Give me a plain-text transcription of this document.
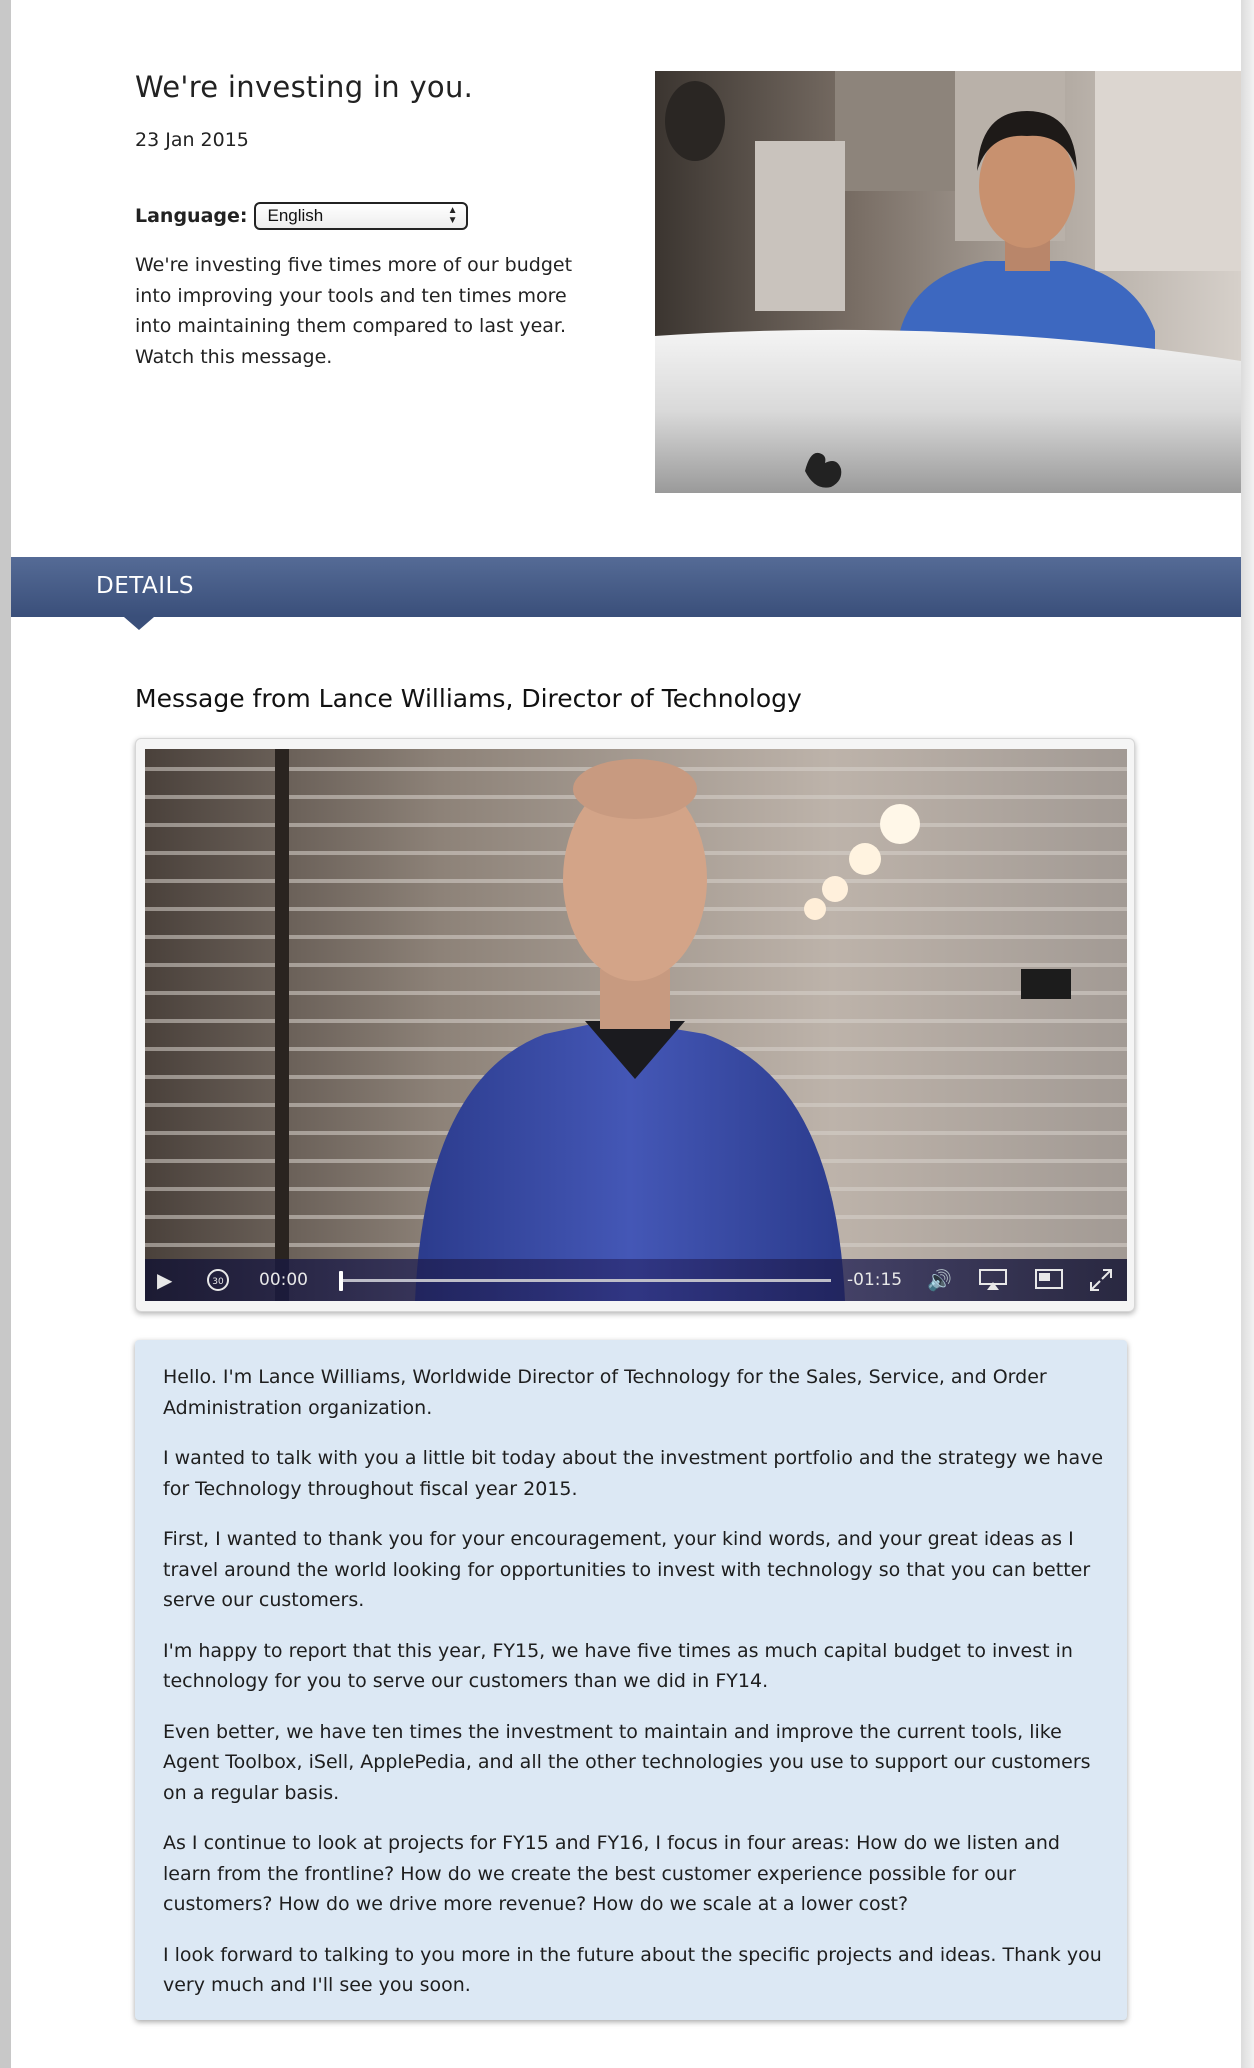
We're investing in you.
23 Jan 2015
Language:	English	▲
▼
We're investing five times more of our budget into improving your tools and ten times more into maintaining them compared to last year. Watch this message.
DETAILS
Message from Lance Williams, Director of Technology
▶	30 00:00	-01:15 🔊

Hello. I'm Lance Williams, Worldwide Director of Technology for the Sales, Service, and Order Administration organization.

I wanted to talk with you a little bit today about the investment portfolio and the strategy we have for Technology throughout fiscal year 2015.

First, I wanted to thank you for your encouragement, your kind words, and your great ideas as I travel around the world looking for opportunities to invest with technology so that you can better serve our customers.

I'm happy to report that this year, FY15, we have five times as much capital budget to invest in technology for you to serve our customers than we did in FY14.

Even better, we have ten times the investment to maintain and improve the current tools, like Agent Toolbox, iSell, ApplePedia, and all the other technologies you use to support our customers on a regular basis.

As I continue to look at projects for FY15 and FY16, I focus in four areas: How do we listen and learn from the frontline? How do we create the best customer experience possible for our customers? How do we drive more revenue? How do we scale at a lower cost?

I look forward to talking to you more in the future about the specific projects and ideas. Thank you very much and I'll see you soon.
